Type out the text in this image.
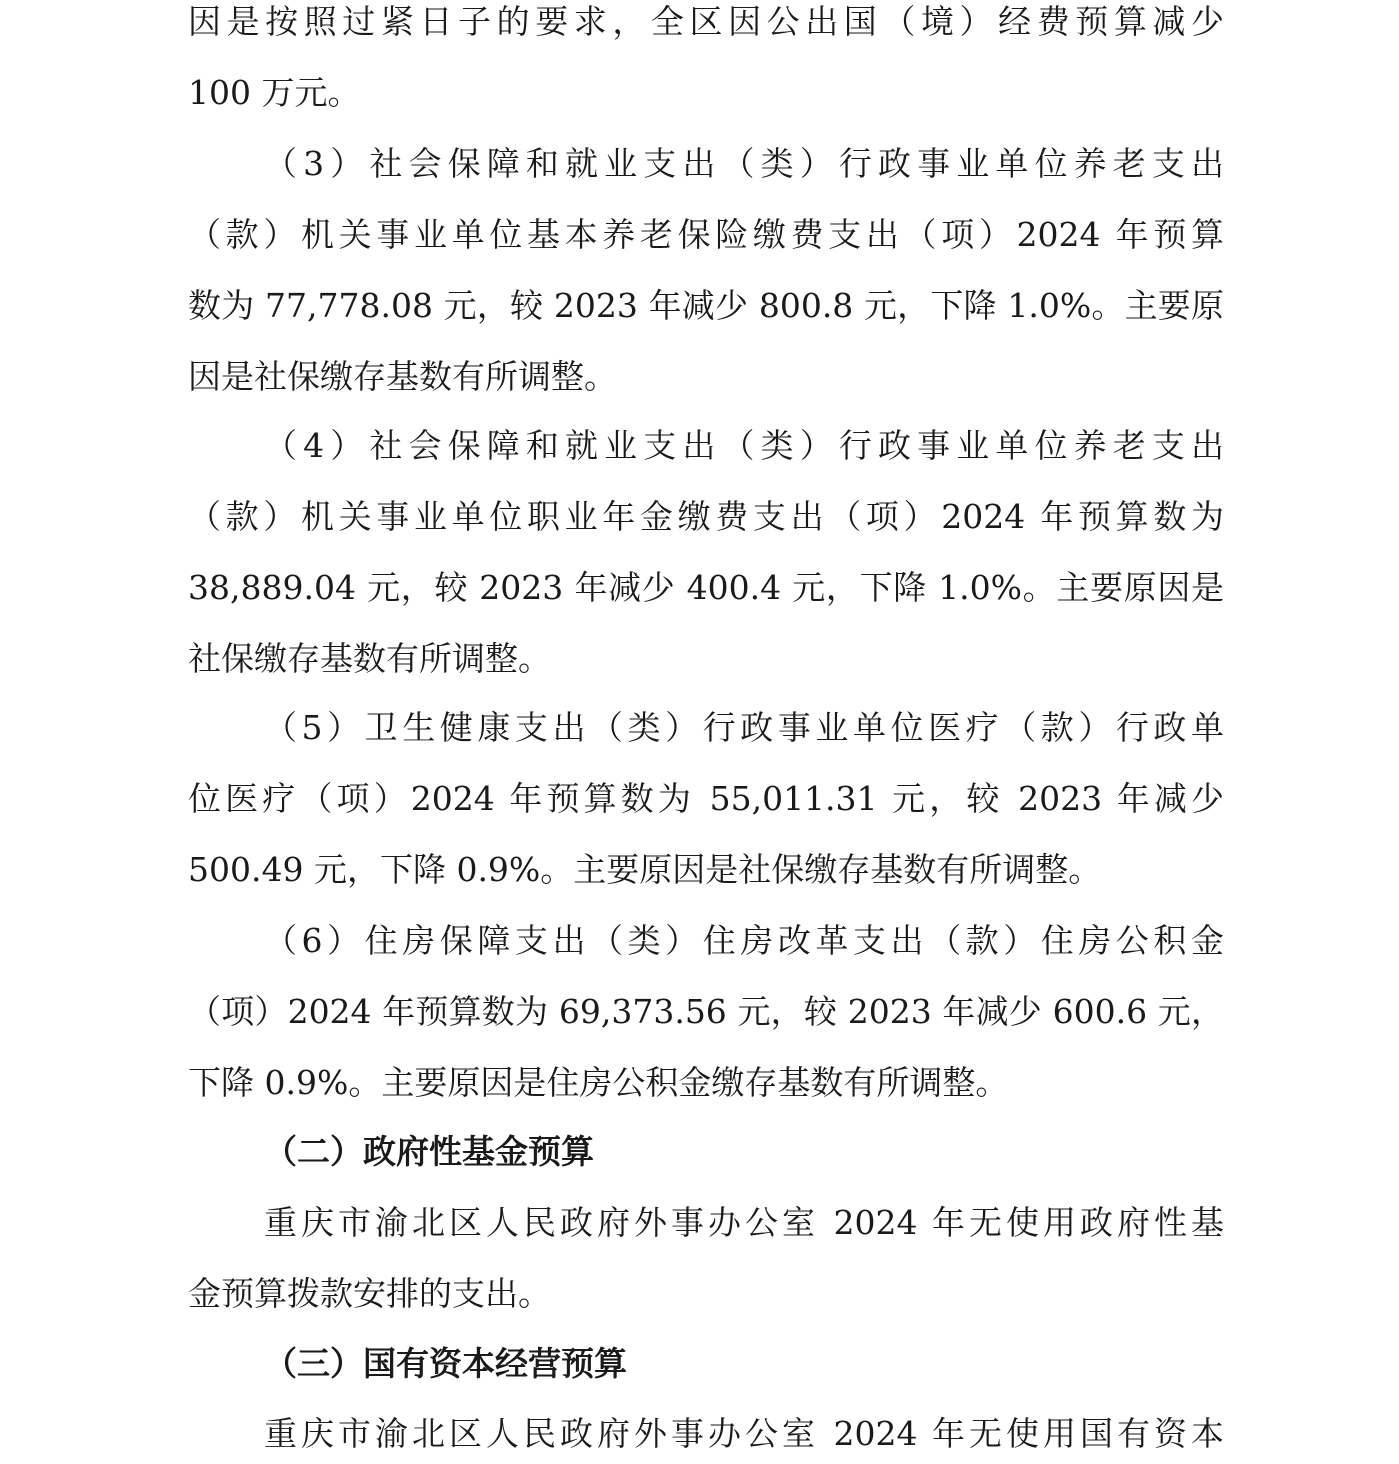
因是按照过紧日子的要求，全区因公出国（境）经费预算减少
100 万元。
（3）社会保障和就业支出（类）行政事业单位养老支出
（款）机关事业单位基本养老保险缴费支出（项）2024 年预算
数为 77,778.08 元，较 2023 年减少 800.8 元，下降 1.0%。主要原
因是社保缴存基数有所调整。
（4）社会保障和就业支出（类）行政事业单位养老支出
（款）机关事业单位职业年金缴费支出（项）2024 年预算数为
38,889.04 元，较 2023 年减少 400.4 元，下降 1.0%。主要原因是
社保缴存基数有所调整。
（5）卫生健康支出（类）行政事业单位医疗（款）行政单
位医疗（项）2024 年预算数为 55,011.31 元，较 2023 年减少
500.49 元，下降 0.9%。主要原因是社保缴存基数有所调整。
（6）住房保障支出（类）住房改革支出（款）住房公积金
（项）2024 年预算数为 69,373.56 元，较 2023 年减少 600.6 元，
下降 0.9%。主要原因是住房公积金缴存基数有所调整。
（二）政府性基金预算
重庆市渝北区人民政府外事办公室 2024 年无使用政府性基
金预算拨款安排的支出。
（三）国有资本经营预算
重庆市渝北区人民政府外事办公室 2024 年无使用国有资本
